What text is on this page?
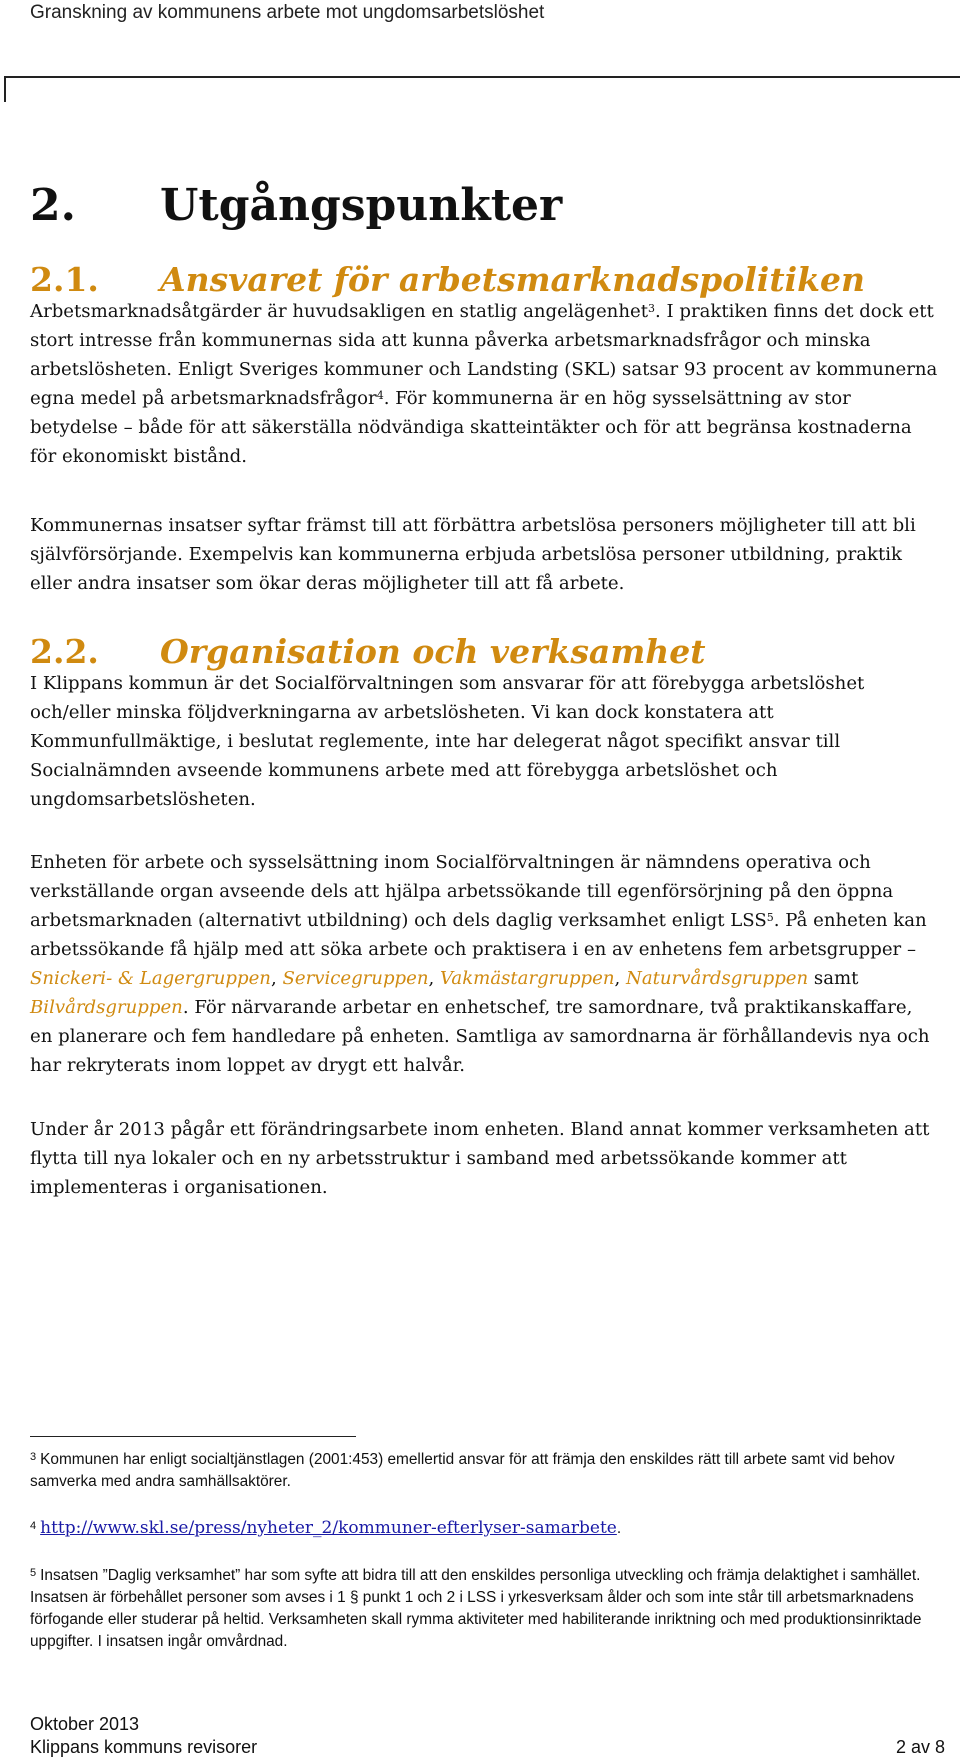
Granskning av kommunens arbete mot ungdomsarbetslöshet
2. Utgångspunkter
2.1. Ansvaret för arbetsmarknadspolitiken
Arbetsmarknadsåtgärder är huvudsakligen en statlig angelägenhet$^3$. I praktiken finns det dock ett stort intresse från kommunernas sida att kunna påverka arbetsmarknadsfrågor och minska arbetslösheten. Enligt Sveriges kommuner och Landsting (SKL) satsar 93 procent av kommunerna egna medel på arbetsmarknadsfrågor$^4$. För kommunerna är en hög sysselsättning av stor betydelse – både för att säkerställa nödvändiga skatteintäkter och för att begränsa kostnaderna för ekonomiskt bistånd.
Kommunernas insatser syftar främst till att förbättra arbetslösa personers möjligheter till att bli självförsörjande. Exempelvis kan kommunerna erbjuda arbetslösa personer utbildning, praktik eller andra insatser som ökar deras möjligheter till att få arbete.
2.2. Organisation och verksamhet
I Klippans kommun är det Socialförvaltningen som ansvarar för att förebygga arbetslöshet och/eller minska följdverkningarna av arbetslösheten. Vi kan dock konstatera att Kommunfullmäktige, i beslutat reglemente, inte har delegerat något specifikt ansvar till Socialnämnden avseende kommunens arbete med att förebygga arbetslöshet och ungdomsarbetslösheten.
Enheten för arbete och sysselsättning inom Socialförvaltningen är nämndens operativa och verkställande organ avseende dels att hjälpa arbetssökande till egenförsörjning på den öppna arbetsmarknaden (alternativt utbildning) och dels daglig verksamhet enligt LSS$^5$. På enheten kan arbetssökande få hjälp med att söka arbete och praktisera i en av enhetens fem arbetsgrupper – Snickeri- & Lagergruppen, Servicegruppen, Vakmästargruppen, Naturvårdsgruppen samt Bilvårdsgruppen. För närvarande arbetar en enhetschef, tre samordnare, två praktikanskaffare, en planerare och fem handledare på enheten. Samtliga av samordnarna är förhållandevis nya och har rekryterats inom loppet av drygt ett halvår.
Under år 2013 pågår ett förändringsarbete inom enheten. Bland annat kommer verksamheten att flytta till nya lokaler och en ny arbetsstruktur i samband med arbetssökande kommer att implementeras i organisationen.
$^3$ Kommunen har enligt socialtjänstlagen (2001:453) emellertid ansvar för att främja den enskildes rätt till arbete samt vid behov samverka med andra samhällsaktörer.
$^4$ http://www.skl.se/press/nyheter_2/kommuner-efterlyser-samarbete.
$^5$ Insatsen ”Daglig verksamhet” har som syfte att bidra till att den enskildes personliga utveckling och främja delaktighet i samhället. Insatsen är förbehållet personer som avses i 1 § punkt 1 och 2 i LSS i yrkesverksam ålder och som inte står till arbetsmarknadens förfogande eller studerar på heltid. Verksamheten skall rymma aktiviteter med habiliterande inriktning och med produktionsinriktade uppgifter. I insatsen ingår omvårdnad.
Oktober 2013
Klippans kommuns revisorer	2 av 8
